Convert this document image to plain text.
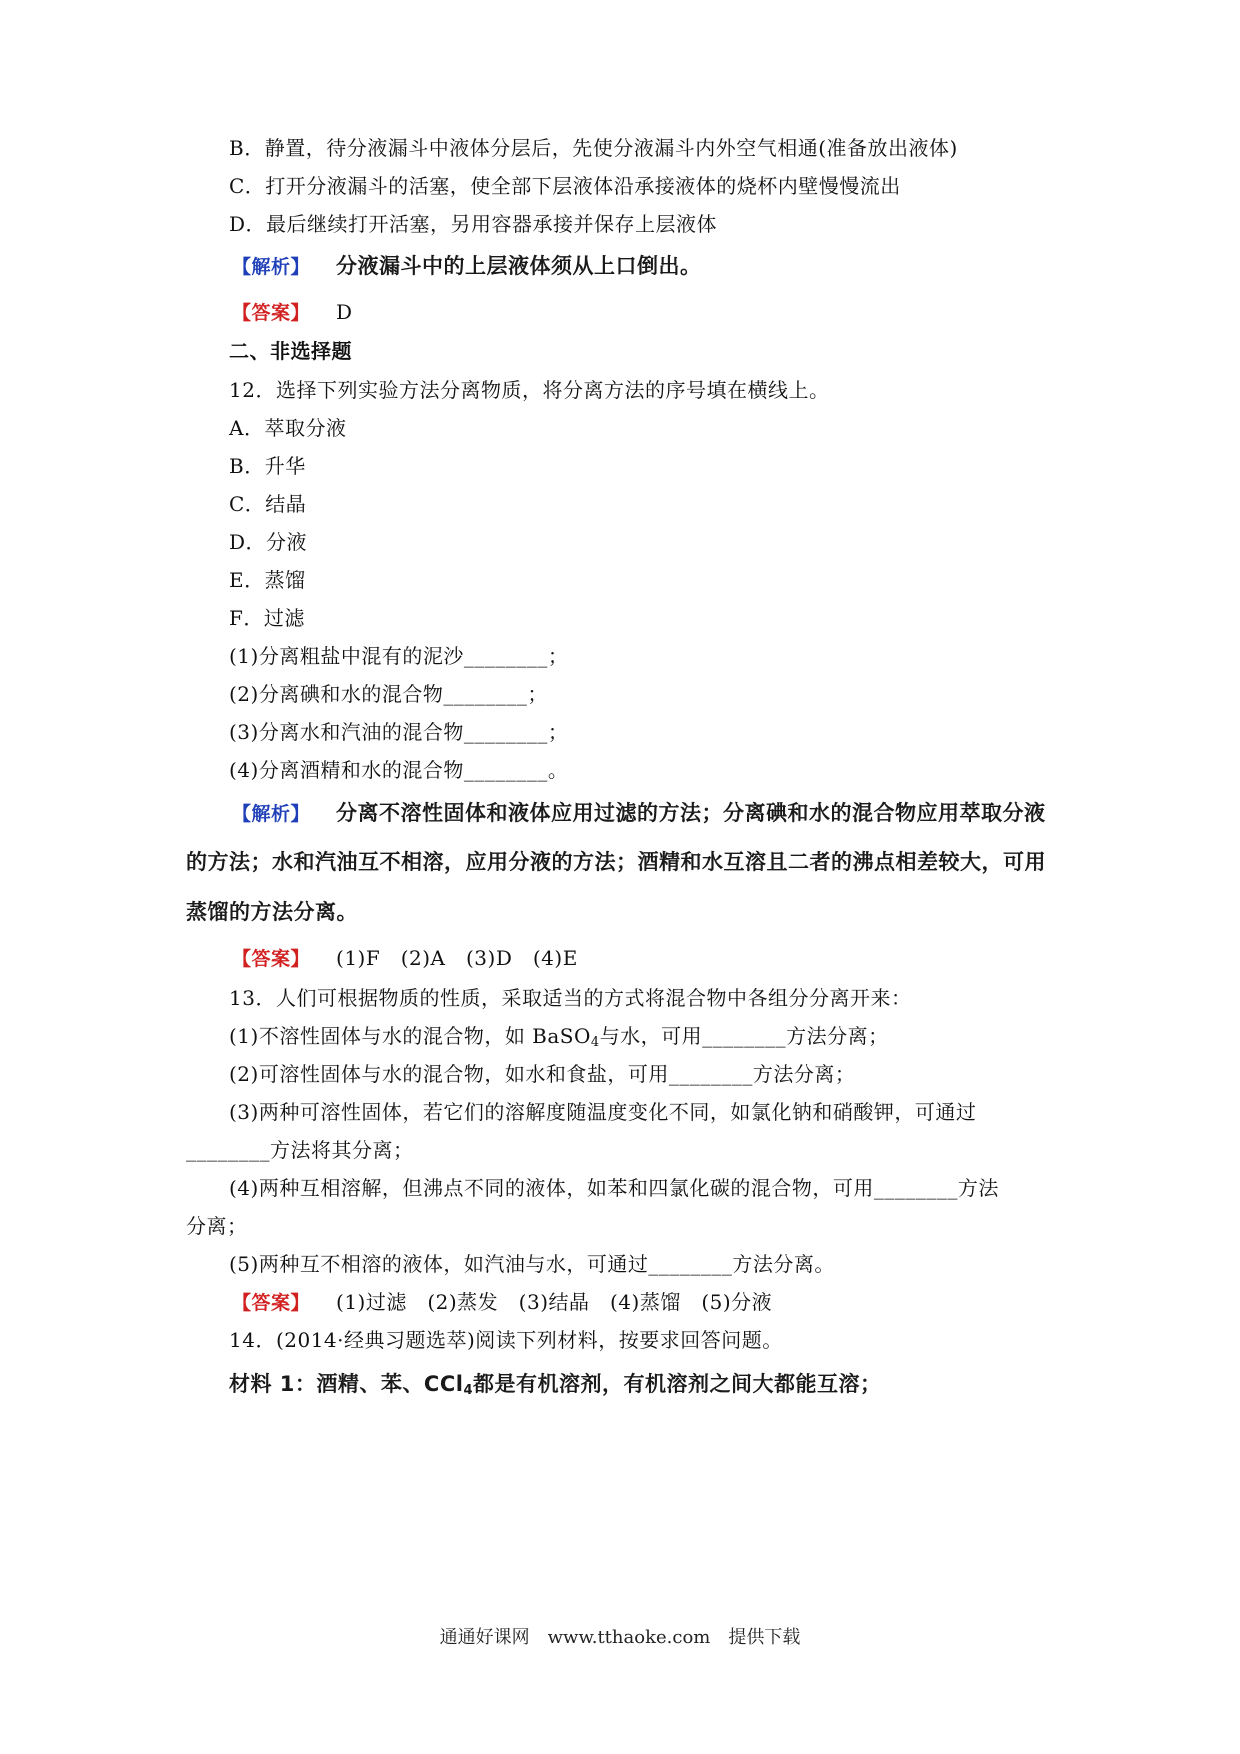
B．静置，待分液漏斗中液体分层后，先使分液漏斗内外空气相通(准备放出液体)
C．打开分液漏斗的活塞，使全部下层液体沿承接液体的烧杯内壁慢慢流出
D．最后继续打开活塞，另用容器承接并保存上层液体
【解析】 分液漏斗中的上层液体须从上口倒出。
【答案】 D
二、非选择题
12．选择下列实验方法分离物质，将分离方法的序号填在横线上。
A．萃取分液
B．升华
C．结晶
D．分液
E．蒸馏
F．过滤
(1)分离粗盐中混有的泥沙________；
(2)分离碘和水的混合物________；
(3)分离水和汽油的混合物________；
(4)分离酒精和水的混合物________。
【解析】 分离不溶性固体和液体应用过滤的方法；分离碘和水的混合物应用萃取分液
的方法；水和汽油互不相溶，应用分液的方法；酒精和水互溶且二者的沸点相差较大，可用
蒸馏的方法分离。
【答案】 (1)F　(2)A　(3)D　(4)E
13．人们可根据物质的性质，采取适当的方式将混合物中各组分分离开来：
(1)不溶性固体与水的混合物，如 BaSO$_4$与水，可用________方法分离；
(2)可溶性固体与水的混合物，如水和食盐，可用________方法分离；
(3)两种可溶性固体，若它们的溶解度随温度变化不同，如氯化钠和硝酸钾，可通过
________方法将其分离；
(4)两种互相溶解，但沸点不同的液体，如苯和四氯化碳的混合物，可用________方法
分离；
(5)两种互不相溶的液体，如汽油与水，可通过________方法分离。
【答案】 (1)过滤　(2)蒸发　(3)结晶　(4)蒸馏　(5)分液
14．(2014·经典习题选萃)阅读下列材料，按要求回答问题。
材料 1：酒精、苯、CCl$_4$都是有机溶剂，有机溶剂之间大都能互溶；
通通好课网　www.tthaoke.com　提供下载
